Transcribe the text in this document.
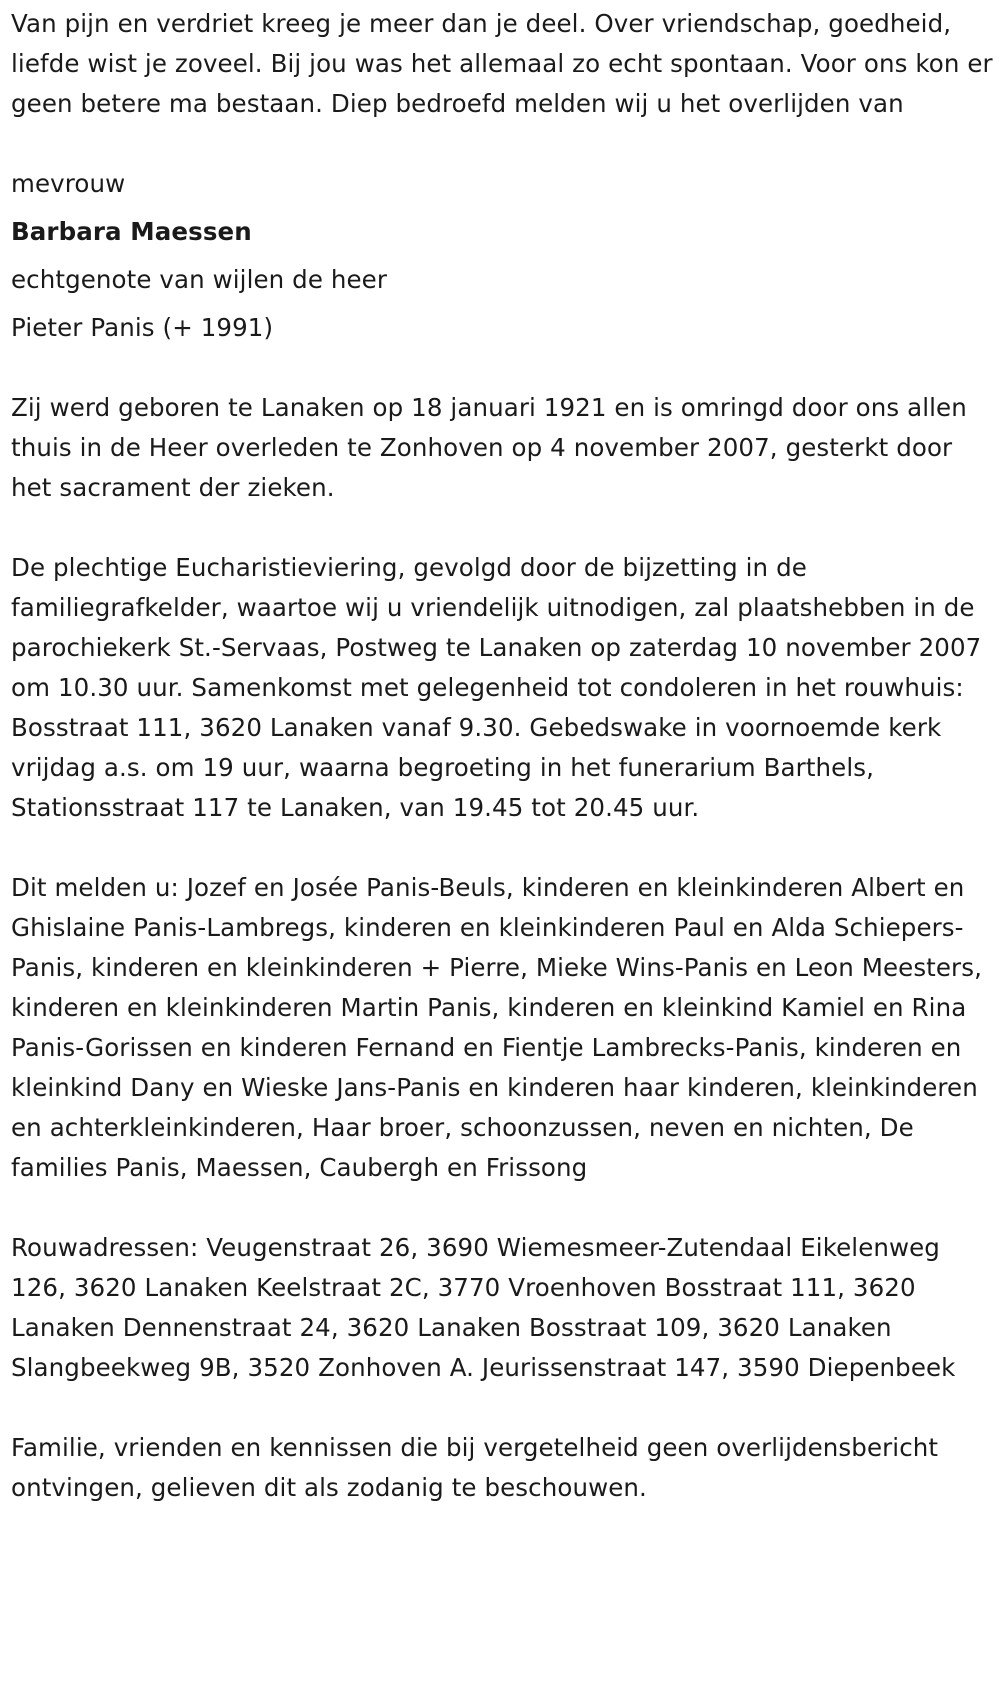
Van pijn en verdriet kreeg je meer dan je deel. Over vriendschap, goedheid, liefde wist je zoveel. Bij jou was het allemaal zo echt spontaan. Voor ons kon er geen betere ma bestaan. Diep bedroefd melden wij u het overlijden van

mevrouw

Barbara Maessen

echtgenote van wijlen de heer

Pieter Panis (+ 1991)

Zij werd geboren te Lanaken op 18 januari 1921 en is omringd door ons allen thuis in de Heer overleden te Zonhoven op 4 november 2007, gesterkt door het sacrament der zieken.

De plechtige Eucharistieviering, gevolgd door de bijzetting in de familiegrafkelder, waartoe wij u vriendelijk uitnodigen, zal plaatshebben in de parochiekerk St.-Servaas, Postweg te Lanaken op zaterdag 10 november 2007 om 10.30 uur. Samenkomst met gelegenheid tot condoleren in het rouwhuis: Bosstraat 111, 3620 Lanaken vanaf 9.30. Gebedswake in voornoemde kerk vrijdag a.s. om 19 uur, waarna begroeting in het funerarium Barthels, Stationsstraat 117 te Lanaken, van 19.45 tot 20.45 uur.

Dit melden u: Jozef en Josée Panis-Beuls, kinderen en kleinkinderen Albert en Ghislaine Panis-Lambregs, kinderen en kleinkinderen Paul en Alda Schiepers-Panis, kinderen en kleinkinderen + Pierre, Mieke Wins-Panis en Leon Meesters, kinderen en kleinkinderen Martin Panis, kinderen en kleinkind Kamiel en Rina Panis-Gorissen en kinderen Fernand en Fientje Lambrecks-Panis, kinderen en kleinkind Dany en Wieske Jans-Panis en kinderen haar kinderen, kleinkinderen en achterkleinkinderen, Haar broer, schoonzussen, neven en nichten, De families Panis, Maessen, Caubergh en Frissong

Rouwadressen: Veugenstraat 26, 3690 Wiemesmeer-Zutendaal Eikelenweg 126, 3620 Lanaken Keelstraat 2C, 3770 Vroenhoven Bosstraat 111, 3620 Lanaken Dennenstraat 24, 3620 Lanaken Bosstraat 109, 3620 Lanaken Slangbeekweg 9B, 3520 Zonhoven A. Jeurissenstraat 147, 3590 Diepenbeek

Familie, vrienden en kennissen die bij vergetelheid geen overlijdensbericht ontvingen, gelieven dit als zodanig te beschouwen.
